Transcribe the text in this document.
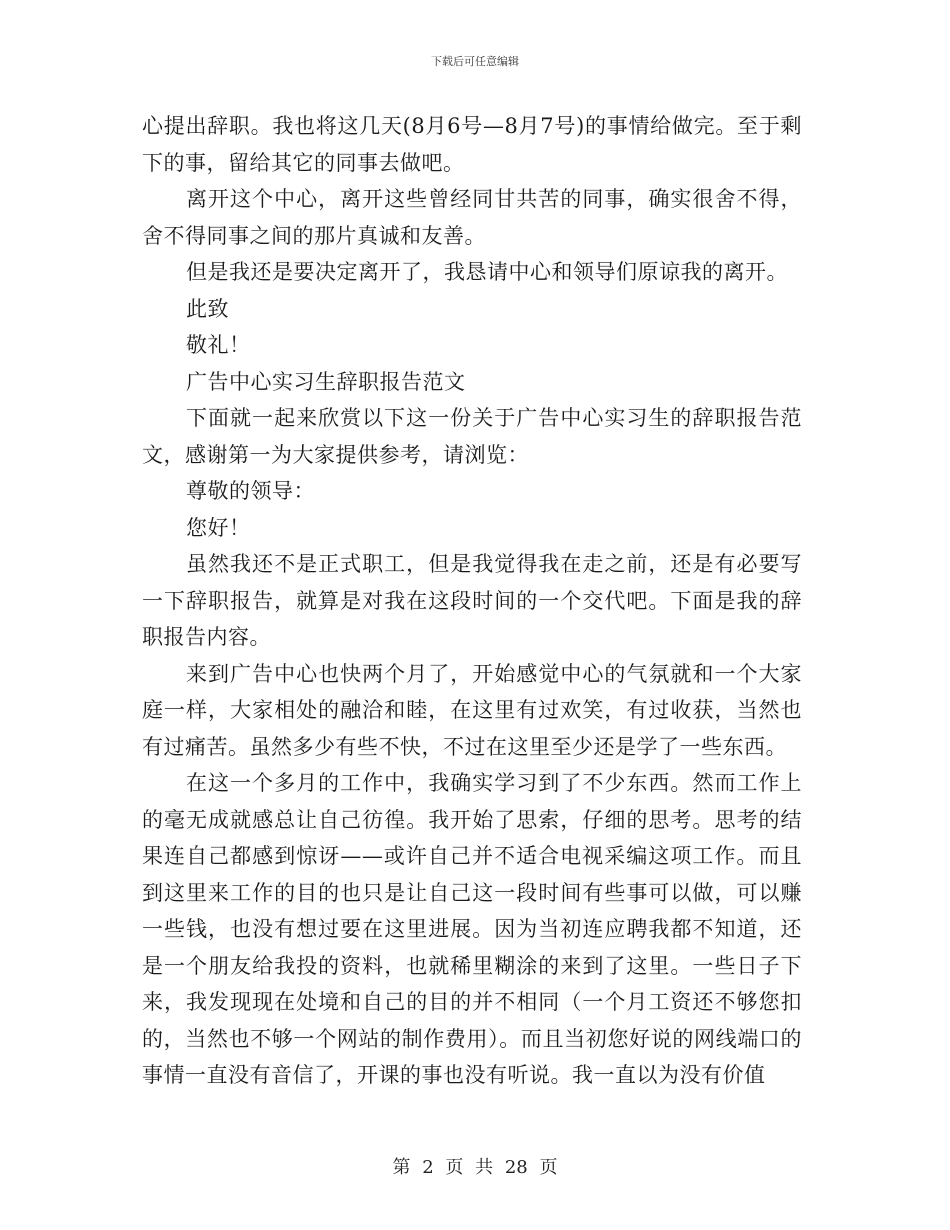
下载后可任意编辑

心提出辞职。我也将这几天(8月6号—8月7号)的事情给做完。至于剩下的事，留给其它的同事去做吧。

离开这个中心，离开这些曾经同甘共苦的同事，确实很舍不得，舍不得同事之间的那片真诚和友善。

但是我还是要决定离开了，我恳请中心和领导们原谅我的离开。

此致

敬礼！

广告中心实习生辞职报告范文

下面就一起来欣赏以下这一份关于广告中心实习生的辞职报告范文，感谢第一为大家提供参考，请浏览：

尊敬的领导：

您好！

虽然我还不是正式职工，但是我觉得我在走之前，还是有必要写一下辞职报告，就算是对我在这段时间的一个交代吧。下面是我的辞职报告内容。

来到广告中心也快两个月了，开始感觉中心的气氛就和一个大家庭一样，大家相处的融洽和睦，在这里有过欢笑，有过收获，当然也有过痛苦。虽然多少有些不快，不过在这里至少还是学了一些东西。

在这一个多月的工作中，我确实学习到了不少东西。然而工作上的毫无成就感总让自己彷徨。我开始了思索，仔细的思考。思考的结果连自己都感到惊讶——或许自己并不适合电视采编这项工作。而且到这里来工作的目的也只是让自己这一段时间有些事可以做，可以赚一些钱，也没有想过要在这里进展。因为当初连应聘我都不知道，还是一个朋友给我投的资料，也就稀里糊涂的来到了这里。一些日子下来，我发现现在处境和自己的目的并不相同（一个月工资还不够您扣的，当然也不够一个网站的制作费用）。而且当初您好说的网线端口的事情一直没有音信了，开课的事也没有听说。我一直以为没有价值

第 2 页 共 28 页
